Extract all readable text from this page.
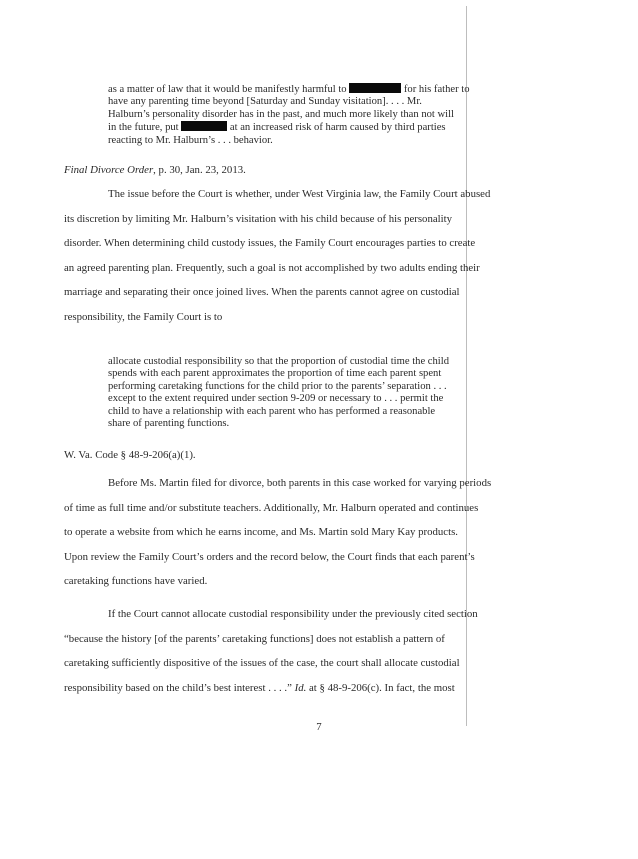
as a matter of law that it would be manifestly harmful to	for his father to
have any parenting time beyond [Saturday and Sunday visitation]. . . . Mr.
Halburn’s personality disorder has in the past, and much more likely than not will
in the future, put	at an increased risk of harm caused by third parties
reacting to Mr. Halburn’s . . . behavior.
Final Divorce Order, p. 30, Jan. 23, 2013.
The issue before the Court is whether, under West Virginia law, the Family Court abused
its discretion by limiting Mr. Halburn’s visitation with his child because of his personality
disorder. When determining child custody issues, the Family Court encourages parties to create
an agreed parenting plan. Frequently, such a goal is not accomplished by two adults ending their
marriage and separating their once joined lives. When the parents cannot agree on custodial
responsibility, the Family Court is to
allocate custodial responsibility so that the proportion of custodial time the child
spends with each parent approximates the proportion of time each parent spent
performing caretaking functions for the child prior to the parents’ separation . . .
except to the extent required under section 9-209 or necessary to . . . permit the
child to have a relationship with each parent who has performed a reasonable
share of parenting functions.
W. Va. Code § 48-9-206(a)(1).
Before Ms. Martin filed for divorce, both parents in this case worked for varying periods
of time as full time and/or substitute teachers. Additionally, Mr. Halburn operated and continues
to operate a website from which he earns income, and Ms. Martin sold Mary Kay products.
Upon review the Family Court’s orders and the record below, the Court finds that each parent’s
caretaking functions have varied.
If the Court cannot allocate custodial responsibility under the previously cited section
“because the history [of the parents’ caretaking functions] does not establish a pattern of
caretaking sufficiently dispositive of the issues of the case, the court shall allocate custodial
responsibility based on the child’s best interest . . . .” Id. at § 48-9-206(c). In fact, the most
7
